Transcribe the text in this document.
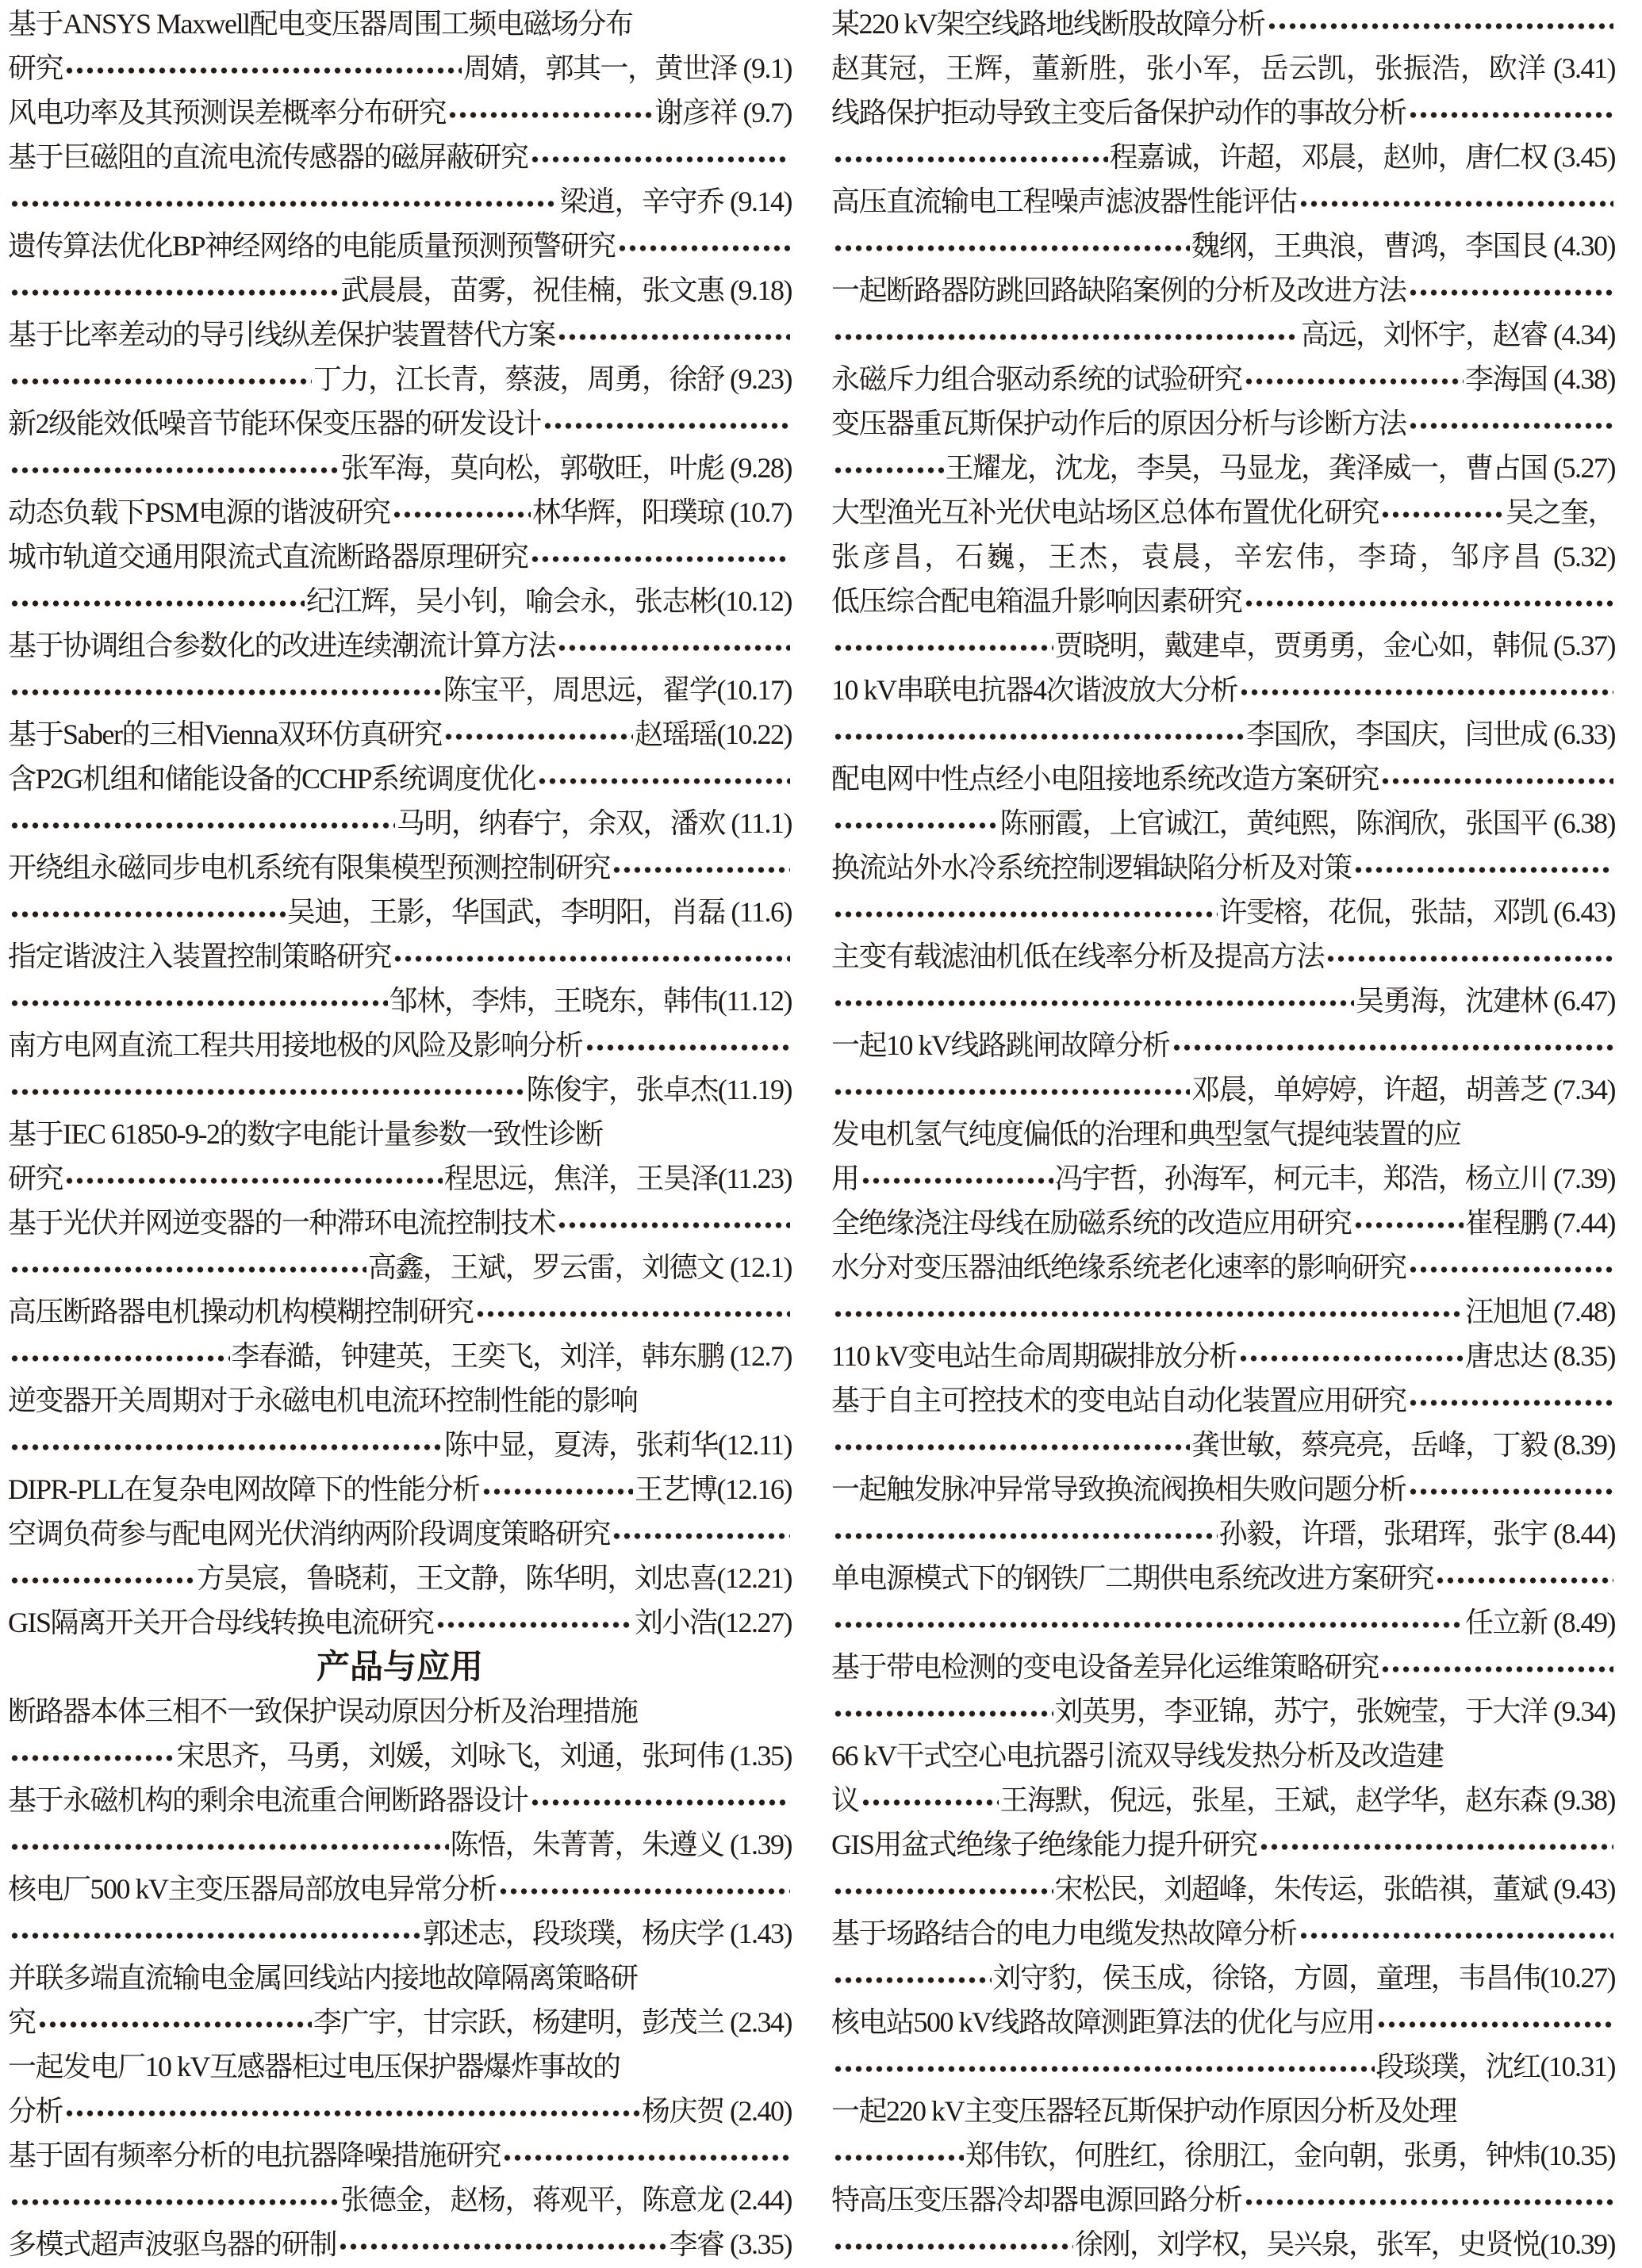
基于ANSYS Maxwell配电变压器周围工频电磁场分布
研究	周婧，郭其一，黄世泽 (9.1)
风电功率及其预测误差概率分布研究	谢彦祥 (9.7)
基于巨磁阻的直流电流传感器的磁屏蔽研究
梁逍，辛守乔 (9.14)
遗传算法优化BP神经网络的电能质量预测预警研究
武晨晨，苗雾，祝佳楠，张文惠 (9.18)
基于比率差动的导引线纵差保护装置替代方案
丁力，江长青，蔡菠，周勇，徐舒 (9.23)
新2级能效低噪音节能环保变压器的研发设计
张军海，莫向松，郭敬旺，叶彪 (9.28)
动态负载下PSM电源的谐波研究	林华辉，阳璞琼 (10.7)
城市轨道交通用限流式直流断路器原理研究
纪江辉，吴小钊，喻会永，张志彬(10.12)
基于协调组合参数化的改进连续潮流计算方法
陈宝平，周思远，翟学(10.17)
基于Saber的三相Vienna双环仿真研究	赵瑶瑶(10.22)
含P2G机组和储能设备的CCHP系统调度优化
马明，纳春宁，余双，潘欢 (11.1)
开绕组永磁同步电机系统有限集模型预测控制研究
吴迪，王影，华国武，李明阳，肖磊 (11.6)
指定谐波注入装置控制策略研究
邹林，李炜，王晓东，韩伟(11.12)
南方电网直流工程共用接地极的风险及影响分析
陈俊宇，张卓杰(11.19)
基于IEC 61850-9-2的数字电能计量参数一致性诊断
研究	程思远，焦洋，王昊泽(11.23)
基于光伏并网逆变器的一种滞环电流控制技术
高鑫，王斌，罗云雷，刘德文 (12.1)
高压断路器电机操动机构模糊控制研究
李春澔，钟建英，王奕飞，刘洋，韩东鹏 (12.7)
逆变器开关周期对于永磁电机电流环控制性能的影响
陈中显，夏涛，张莉华(12.11)
DIPR-PLL在复杂电网故障下的性能分析	王艺博(12.16)
空调负荷参与配电网光伏消纳两阶段调度策略研究
方昊宸，鲁晓莉，王文静，陈华明，刘忠喜(12.21)
GIS隔离开关开合母线转换电流研究	刘小浩(12.27)
产品与应用
断路器本体三相不一致保护误动原因分析及治理措施
宋思齐，马勇，刘媛，刘咏飞，刘通，张珂伟 (1.35)
基于永磁机构的剩余电流重合闸断路器设计
陈悟，朱菁菁，朱遵义 (1.39)
核电厂500 kV主变压器局部放电异常分析
郭述志，段琰璞，杨庆学 (1.43)
并联多端直流输电金属回线站内接地故障隔离策略研
究	李广宇，甘宗跃，杨建明，彭茂兰 (2.34)
一起发电厂10 kV互感器柜过电压保护器爆炸事故的
分析	杨庆贺 (2.40)
基于固有频率分析的电抗器降噪措施研究
张德金，赵杨，蒋观平，陈意龙 (2.44)
多模式超声波驱鸟器的研制	李睿 (3.35)
某220 kV架空线路地线断股故障分析
赵萁冠，王辉，董新胜，张小军，岳云凯，张振浩，欧洋 (3.41)
线路保护拒动导致主变后备保护动作的事故分析
程嘉诚，许超，邓晨，赵帅，唐仁权 (3.45)
高压直流输电工程噪声滤波器性能评估
魏纲，王典浪，曹鸿，李国艮 (4.30)
一起断路器防跳回路缺陷案例的分析及改进方法
高远，刘怀宇，赵睿 (4.34)
永磁斥力组合驱动系统的试验研究	李海国 (4.38)
变压器重瓦斯保护动作后的原因分析与诊断方法
王耀龙，沈龙，李昊，马显龙，龚泽威一，曹占国 (5.27)
大型渔光互补光伏电站场区总体布置优化研究	吴之奎，
张彦昌，石巍，王杰，袁晨，辛宏伟，李琦，邹序昌 (5.32)
低压综合配电箱温升影响因素研究
贾晓明，戴建卓，贾勇勇，金心如，韩侃 (5.37)
10 kV串联电抗器4次谐波放大分析
李国欣，李国庆，闫世成 (6.33)
配电网中性点经小电阻接地系统改造方案研究
陈丽霞，上官诚江，黄纯熙，陈润欣，张国平 (6.38)
换流站外水冷系统控制逻辑缺陷分析及对策
许雯榕，花侃，张喆，邓凯 (6.43)
主变有载滤油机低在线率分析及提高方法
吴勇海，沈建林 (6.47)
一起10 kV线路跳闸故障分析
邓晨，单婷婷，许超，胡善芝 (7.34)
发电机氢气纯度偏低的治理和典型氢气提纯装置的应
用	冯宇哲，孙海军，柯元丰，郑浩，杨立川 (7.39)
全绝缘浇注母线在励磁系统的改造应用研究	崔程鹏 (7.44)
水分对变压器油纸绝缘系统老化速率的影响研究
汪旭旭 (7.48)
110 kV变电站生命周期碳排放分析	唐忠达 (8.35)
基于自主可控技术的变电站自动化装置应用研究
龚世敏，蔡亮亮，岳峰，丁毅 (8.39)
一起触发脉冲异常导致换流阀换相失败问题分析
孙毅，许瑨，张珺珲，张宇 (8.44)
单电源模式下的钢铁厂二期供电系统改进方案研究
任立新 (8.49)
基于带电检测的变电设备差异化运维策略研究
刘英男，李亚锦，苏宁，张婉莹，于大洋 (9.34)
66 kV干式空心电抗器引流双导线发热分析及改造建
议	王海默，倪远，张星，王斌，赵学华，赵东森 (9.38)
GIS用盆式绝缘子绝缘能力提升研究
宋松民，刘超峰，朱传运，张皓祺，董斌 (9.43)
基于场路结合的电力电缆发热故障分析
刘守豹，侯玉成，徐铬，方圆，童理，韦昌伟(10.27)
核电站500 kV线路故障测距算法的优化与应用
段琰璞，沈红(10.31)
一起220 kV主变压器轻瓦斯保护动作原因分析及处理
郑伟钦，何胜红，徐朋江，金向朝，张勇，钟炜(10.35)
特高压变压器冷却器电源回路分析
徐刚，刘学权，吴兴泉，张军，史贤悦(10.39)
